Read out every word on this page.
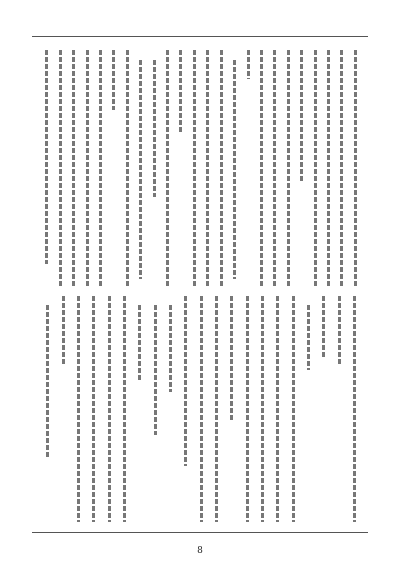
8
